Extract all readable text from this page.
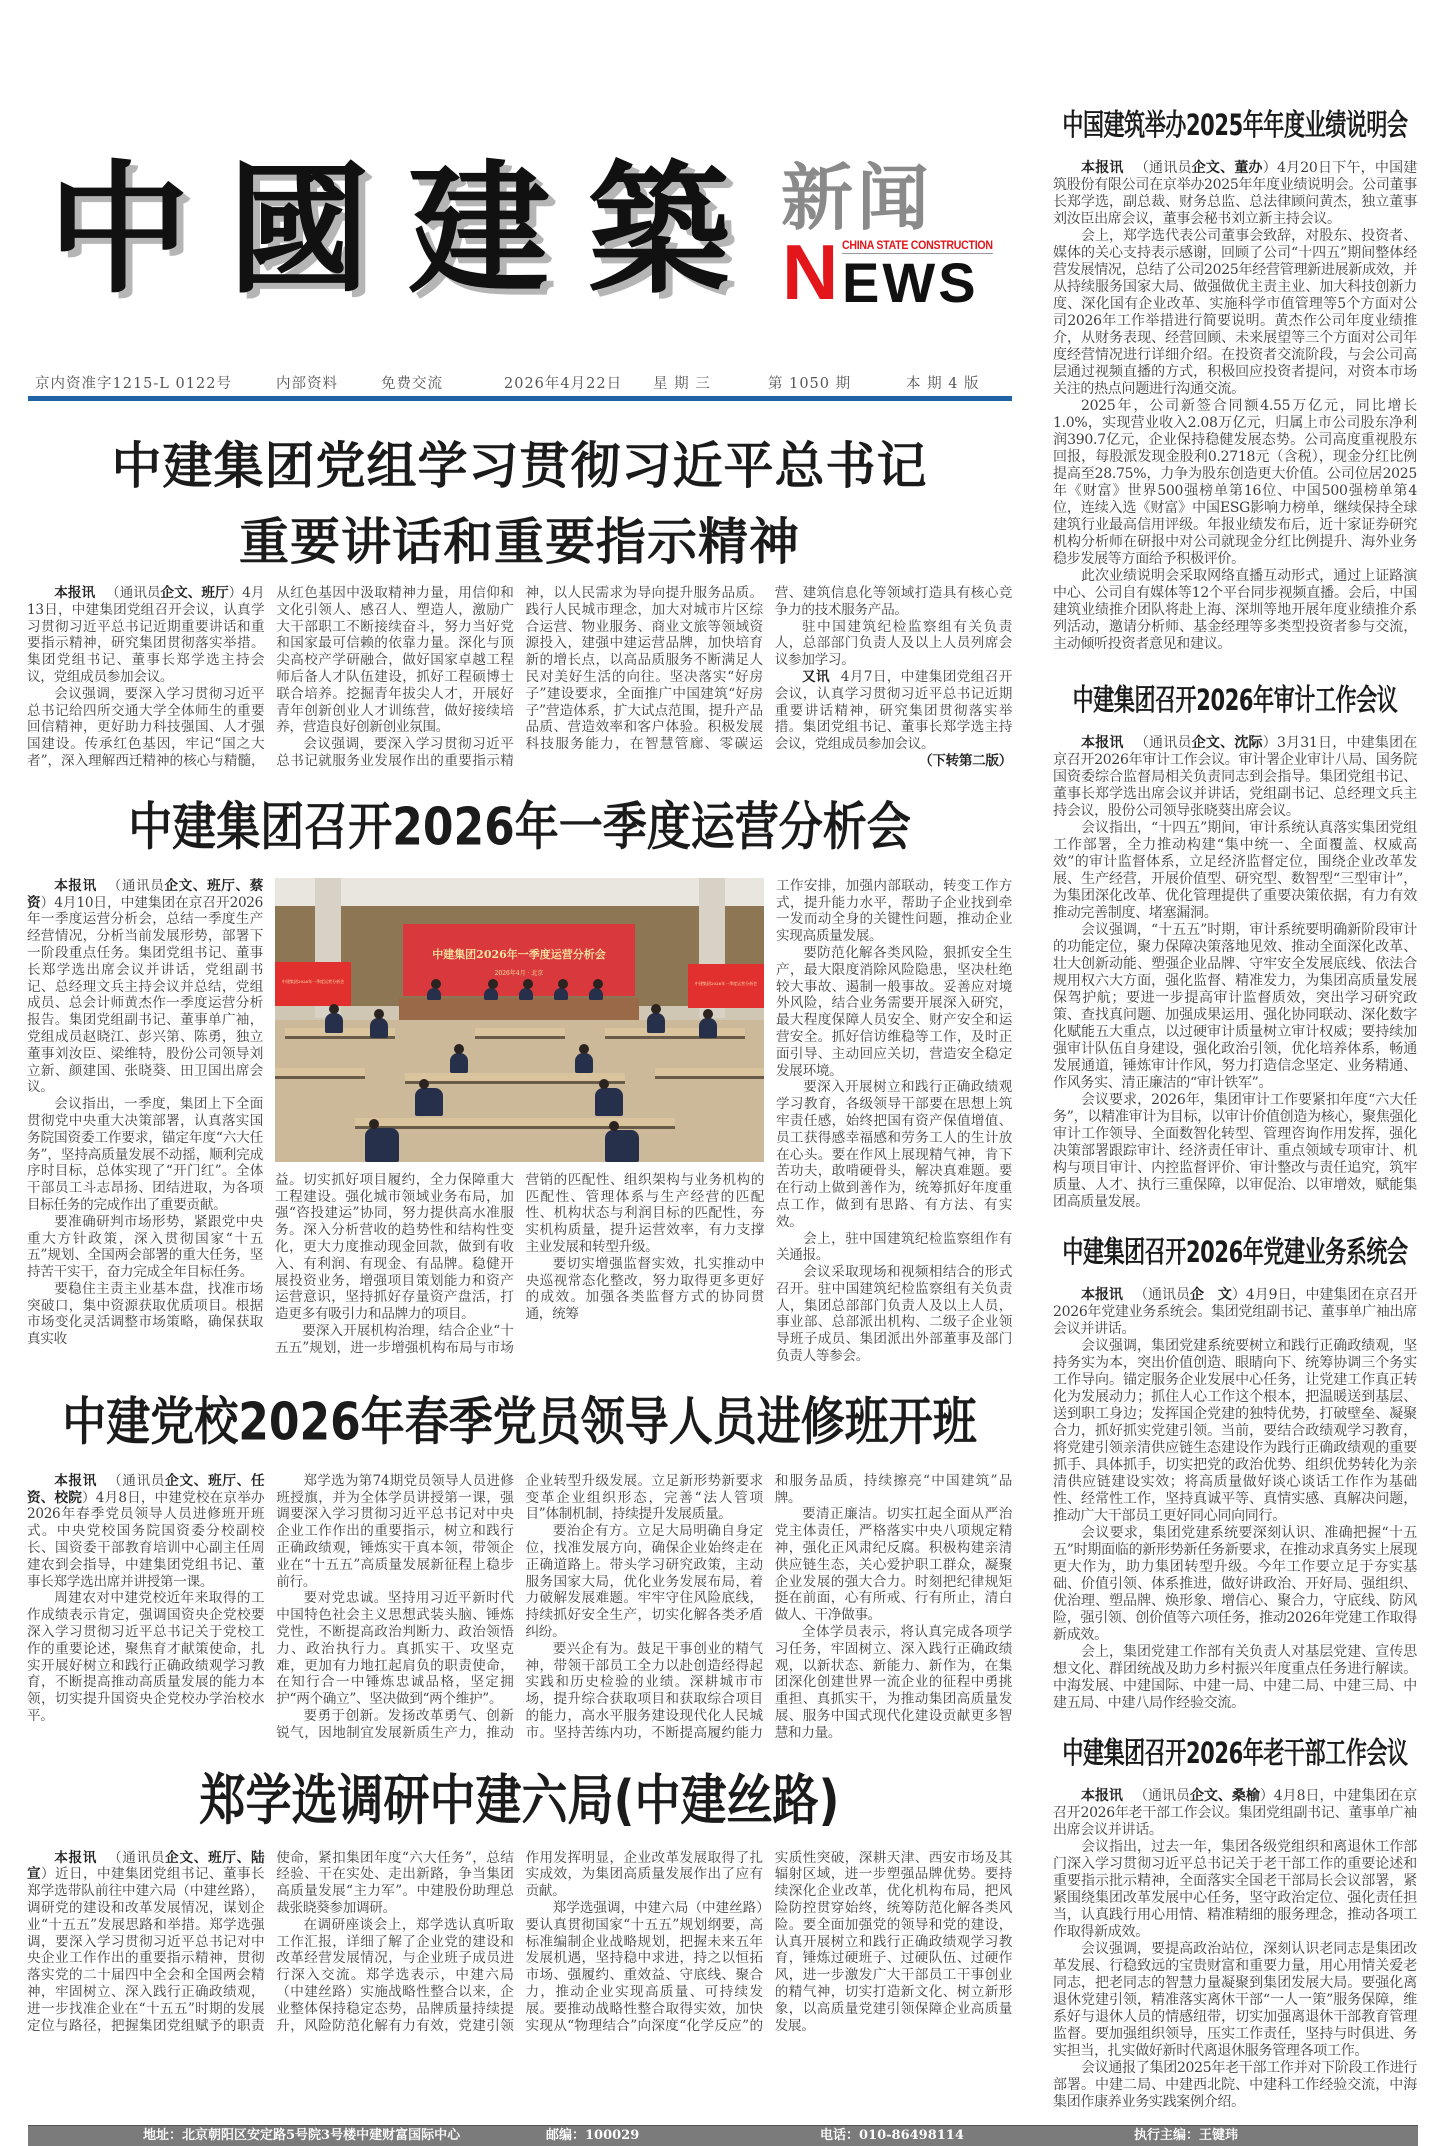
中國建築 新闻
N CHINA STATE CONSTRUCTION
EWS
京内资准字1215-L 0122号	内部资料	免费交流	2026年4月22日 星 期 三	第 1050 期	本 期 4 版
中建集团党组学习贯彻习近平总书记
重要讲话和重要指示精神

本报讯 （通讯员企文、班厅）4月13日，中建集团党组召开会议，认真学习贯彻习近平总书记近期重要讲话和重要指示精神，研究集团贯彻落实举措。集团党组书记、董事长郑学选主持会议，党组成员参加会议。

会议强调，要深入学习贯彻习近平总书记给四所交通大学全体师生的重要回信精神，更好助力科技强国、人才强国建设。传承红色基因，牢记“国之大者”，深入理解西迁精神的核心与精髓，从红色基因中汲取精神力量，用信仰和文化引领人、感召人、塑造人，激励广大干部职工不断接续奋斗，努力当好党和国家最可信赖的依靠力量。深化与顶尖高校产学研融合，做好国家卓越工程师后备人才队伍建设，抓好工程硕博士联合培养。挖掘青年拔尖人才，开展好青年创新创业人才训练营，做好接续培养，营造良好创新创业氛围。

会议强调，要深入学习贯彻习近平总书记就服务业发展作出的重要指示精神，以人民需求为导向提升服务品质。践行人民城市理念，加大对城市片区综合运营、物业服务、商业文旅等领域资源投入，建强中建运营品牌，加快培育新的增长点，以高品质服务不断满足人民对美好生活的向往。坚决落实“好房子”建设要求，全面推广中国建筑“好房子”营造体系，扩大试点范围，提升产品品质、营造效率和客户体验。积极发展科技服务能力，在智慧管廊、零碳运营、建筑信息化等领域打造具有核心竞争力的技术服务产品。

驻中国建筑纪检监察组有关负责人，总部部门负责人及以上人员列席会议参加学习。

又讯 4月7日，中建集团党组召开会议，认真学习贯彻习近平总书记近期重要讲话精神，研究集团贯彻落实举措。集团党组书记、董事长郑学选主持会议，党组成员参加会议。
（下转第二版）

中建集团召开2026年一季度运营分析会

本报讯 （通讯员企文、班厅、蔡资）4月10日，中建集团在京召开2026年一季度运营分析会，总结一季度生产经营情况，分析当前发展形势，部署下一阶段重点任务。集团党组书记、董事长郑学选出席会议并讲话，党组副书记、总经理文兵主持会议并总结，党组成员、总会计师黄杰作一季度运营分析报告。集团党组副书记、董事单广袖，党组成员赵晓江、彭兴第、陈勇，独立董事刘汝臣、梁维特，股份公司领导刘立新、颜建国、张晓葵、田卫国出席会议。

会议指出，一季度，集团上下全面贯彻党中央重大决策部署，认真落实国务院国资委工作要求，锚定年度“六大任务”，坚持高质量发展不动摇，顺利完成序时目标，总体实现了“开门红”。全体干部员工斗志昂扬、团结进取，为各项目标任务的完成作出了重要贡献。

要准确研判市场形势，紧跟党中央重大方针政策，深入贯彻国家“十五五”规划、全国两会部署的重大任务，坚持苦干实干，奋力完成全年目标任务。

要稳住主责主业基本盘，找准市场突破口，集中资源获取优质项目。根据市场变化灵活调整市场策略，确保获取真实收

中建集团2026年一季度运营分析会
2026年4月 · 北京
中建集团2026年一季度运营分析会	中建集团2026年一季度运营分析会

益。切实抓好项目履约，全力保障重大工程建设。强化城市领域业务布局，加强“咨投建运”协同，努力提供高水准服务。深入分析营收的趋势性和结构性变化，更大力度推动现金回款，做到有收入、有利润、有现金、有品牌。稳健开展投资业务，增强项目策划能力和资产运营意识，坚持抓好存量资产盘活，打造更多有吸引力和品牌力的项目。

要深入开展机构治理，结合企业“十五五”规划，进一步增强机构布局与市场营销的匹配性、组织架构与业务机构的匹配性、管理体系与生产经营的匹配性、机构状态与利润目标的匹配性，夯实机构质量，提升运营效率，有力支撑主业发展和转型升级。

要切实增强监督实效，扎实推动中央巡视常态化整改，努力取得更多更好的成效。加强各类监督方式的协同贯通，统筹

工作安排，加强内部联动，转变工作方式，提升能力水平，帮助子企业找到牵一发而动全身的关键性问题，推动企业实现高质量发展。

要防范化解各类风险，狠抓安全生产，最大限度消除风险隐患，坚决杜绝较大事故、遏制一般事故。妥善应对境外风险，结合业务需要开展深入研究，最大程度保障人员安全、财产安全和运营安全。抓好信访维稳等工作，及时正面引导、主动回应关切，营造安全稳定发展环境。

要深入开展树立和践行正确政绩观学习教育，各级领导干部要在思想上筑牢责任感，始终把国有资产保值增值、员工获得感幸福感和劳务工人的生计放在心头。要在作风上展现精气神，肯下苦功夫，敢啃硬骨头，解决真难题。要在行动上做到善作为，统筹抓好年度重点工作，做到有思路、有方法、有实效。

会上，驻中国建筑纪检监察组作有关通报。

会议采取现场和视频相结合的形式召开。驻中国建筑纪检监察组有关负责人，集团总部部门负责人及以上人员，事业部、总部派出机构、二级子企业领导班子成员、集团派出外部董事及部门负责人等参会。

中建党校2026年春季党员领导人员进修班开班

本报讯 （通讯员企文、班厅、任资、校院）4月8日，中建党校在京举办2026年春季党员领导人员进修班开班式。中央党校国务院国资委分校副校长、国资委干部教育培训中心副主任周建农到会指导，中建集团党组书记、董事长郑学选出席并讲授第一课。

周建农对中建党校近年来取得的工作成绩表示肯定，强调国资央企党校要深入学习贯彻习近平总书记关于党校工作的重要论述，聚焦育才献策使命，扎实开展好树立和践行正确政绩观学习教育，不断提高推动高质量发展的能力本领，切实提升国资央企党校办学治校水平。

郑学选为第74期党员领导人员进修班授旗，并为全体学员讲授第一课，强调要深入学习贯彻习近平总书记对中央企业工作作出的重要指示，树立和践行正确政绩观，锤炼实干真本领，带领企业在“十五五”高质量发展新征程上稳步前行。

要对党忠诚。坚持用习近平新时代中国特色社会主义思想武装头脑、锤炼党性，不断提高政治判断力、政治领悟力、政治执行力。真抓实干、攻坚克难，更加有力地扛起肩负的职责使命，在知行合一中锤炼忠诚品格，坚定拥护“两个确立”、坚决做到“两个维护”。

要勇于创新。发扬改革勇气、创新锐气，因地制宜发展新质生产力，推动企业转型升级发展。立足新形势新要求变革企业组织形态，完善“法人管项目”体制机制，持续提升发展质量。

要治企有方。立足大局明确自身定位，找准发展方向，确保企业始终走在正确道路上。带头学习研究政策，主动服务国家大局，优化业务发展布局，着力破解发展难题。牢牢守住风险底线，持续抓好安全生产，切实化解各类矛盾纠纷。

要兴企有为。鼓足干事创业的精气神，带领干部员工全力以赴创造经得起实践和历史检验的业绩。深耕城市市场，提升综合获取项目和获取综合项目的能力，高水平服务建设现代化人民城市。坚持苦练内功，不断提高履约能力和服务品质，持续擦亮“中国建筑”品牌。

要清正廉洁。切实扛起全面从严治党主体责任，严格落实中央八项规定精神，强化正风肃纪反腐。积极构建亲清供应链生态，关心爱护职工群众，凝聚企业发展的强大合力。时刻把纪律规矩挺在前面，心有所戒、行有所止，清白做人、干净做事。

全体学员表示，将认真完成各项学习任务，牢固树立、深入践行正确政绩观，以新状态、新能力、新作为，在集团深化创建世界一流企业的征程中勇挑重担、真抓实干，为推动集团高质量发展、服务中国式现代化建设贡献更多智慧和力量。

郑学选调研中建六局(中建丝路)

本报讯 （通讯员企文、班厅、陆宣）近日，中建集团党组书记、董事长郑学选带队前往中建六局（中建丝路），调研党的建设和改革发展情况，谋划企业“十五五”发展思路和举措。郑学选强调，要深入学习贯彻习近平总书记对中央企业工作作出的重要指示精神，贯彻落实党的二十届四中全会和全国两会精神，牢固树立、深入践行正确政绩观，进一步找准企业在“十五五”时期的发展定位与路径，把握集团党组赋予的职责使命，紧扣集团年度“六大任务”，总结经验、干在实处、走出新路，争当集团高质量发展“主力军”。中建股份助理总裁张晓葵参加调研。

在调研座谈会上，郑学选认真听取工作汇报，详细了解了企业党的建设和改革经营发展情况，与企业班子成员进行深入交流。郑学选表示，中建六局（中建丝路）实施战略性整合以来，企业整体保持稳定态势，品牌质量持续提升，风险防范化解有力有效，党建引领作用发挥明显，企业改革发展取得了扎实成效，为集团高质量发展作出了应有贡献。

郑学选强调，中建六局（中建丝路）要认真贯彻国家“十五五”规划纲要，高标准编制企业战略规划，把握未来五年发展机遇，坚持稳中求进，持之以恒拓市场、强履约、重效益、守底线、聚合力，推动企业实现高质量、可持续发展。要推动战略性整合取得实效，加快实现从“物理结合”向深度“化学反应”的实质性突破，深耕天津、西安市场及其辐射区域，进一步塑强品牌优势。要持续深化企业改革，优化机构布局，把风险防控贯穿始终，统筹防范化解各类风险。要全面加强党的领导和党的建设，认真开展树立和践行正确政绩观学习教育，锤炼过硬班子、过硬队伍、过硬作风，进一步激发广大干部员工干事创业的精气神，切实打造新文化、树立新形象，以高质量党建引领保障企业高质量发展。

中国建筑举办2025年年度业绩说明会

本报讯 （通讯员企文、董办）4月20日下午，中国建筑股份有限公司在京举办2025年年度业绩说明会。公司董事长郑学选，副总裁、财务总监、总法律顾问黄杰，独立董事刘汝臣出席会议，董事会秘书刘立新主持会议。

会上，郑学选代表公司董事会致辞，对股东、投资者、媒体的关心支持表示感谢，回顾了公司“十四五”期间整体经营发展情况，总结了公司2025年经营管理新进展新成效，并从持续服务国家大局、做强做优主责主业、加大科技创新力度、深化国有企业改革、实施科学市值管理等5个方面对公司2026年工作举措进行简要说明。黄杰作公司年度业绩推介，从财务表现、经营回顾、未来展望等三个方面对公司年度经营情况进行详细介绍。在投资者交流阶段，与会公司高层通过视频直播的方式，积极回应投资者提问，对资本市场关注的热点问题进行沟通交流。

2025年，公司新签合同额4.55万亿元，同比增长1.0%，实现营业收入2.08万亿元，归属上市公司股东净利润390.7亿元，企业保持稳健发展态势。公司高度重视股东回报，每股派发现金股利0.2718元（含税），现金分红比例提高至28.75%，力争为股东创造更大价值。公司位居2025年《财富》世界500强榜单第16位、中国500强榜单第4位，连续入选《财富》中国ESG影响力榜单，继续保持全球建筑行业最高信用评级。年报业绩发布后，近十家证券研究机构分析师在研报中对公司就现金分红比例提升、海外业务稳步发展等方面给予积极评价。

此次业绩说明会采取网络直播互动形式，通过上证路演中心、公司自有媒体等12个平台同步视频直播。会后，中国建筑业绩推介团队将赴上海、深圳等地开展年度业绩推介系列活动，邀请分析师、基金经理等多类型投资者参与交流，主动倾听投资者意见和建议。

中建集团召开2026年审计工作会议

本报讯 （通讯员企文、沈际）3月31日，中建集团在京召开2026年审计工作会议。审计署企业审计八局、国务院国资委综合监督局相关负责同志到会指导。集团党组书记、董事长郑学选出席会议并讲话，党组副书记、总经理文兵主持会议，股份公司领导张晓葵出席会议。

会议指出，“十四五”期间，审计系统认真落实集团党组工作部署，全力推动构建“集中统一、全面覆盖、权威高效”的审计监督体系，立足经济监督定位，围绕企业改革发展、生产经营，开展价值型、研究型、数智型“三型审计”，为集团深化改革、优化管理提供了重要决策依据，有力有效推动完善制度、堵塞漏洞。

会议强调，“十五五”时期，审计系统要明确新阶段审计的功能定位，聚力保障决策落地见效、推动全面深化改革、壮大创新动能、塑强企业品牌、守牢安全发展底线、依法合规用权六大方面，强化监督、精准发力，为集团高质量发展保驾护航；要进一步提高审计监督质效，突出学习研究政策、查找真问题、加强成果运用、强化协同联动、深化数字化赋能五大重点，以过硬审计质量树立审计权威；要持续加强审计队伍自身建设，强化政治引领，优化培养体系，畅通发展通道，锤炼审计作风，努力打造信念坚定、业务精通、作风务实、清正廉洁的“审计铁军”。

会议要求，2026年，集团审计工作要紧扣年度“六大任务”，以精准审计为目标，以审计价值创造为核心，聚焦强化审计工作领导、全面数智化转型、管理咨询作用发挥，强化决策部署跟踪审计、经济责任审计、重点领域专项审计、机构与项目审计、内控监督评价、审计整改与责任追究，筑牢质量、人才、执行三重保障，以审促治、以审增效，赋能集团高质量发展。

中建集团召开2026年党建业务系统会

本报讯 （通讯员企　文）4月9日，中建集团在京召开2026年党建业务系统会。集团党组副书记、董事单广袖出席会议并讲话。

会议强调，集团党建系统要树立和践行正确政绩观，坚持务实为本，突出价值创造、眼睛向下、统筹协调三个务实工作导向。锚定服务企业发展中心任务，让党建工作真正转化为发展动力；抓住人心工作这个根本，把温暖送到基层、送到职工身边；发挥国企党建的独特优势，打破壁垒、凝聚合力，抓好抓实党建引领。当前，要结合政绩观学习教育，将党建引领亲清供应链生态建设作为践行正确政绩观的重要抓手、具体抓手，切实把党的政治优势、组织优势转化为亲清供应链建设实效；将高质量做好谈心谈话工作作为基础性、经常性工作，坚持真诚平等、真情实感、真解决问题，推动广大干部员工更好同心同向同行。

会议要求，集团党建系统要深刻认识、准确把握“十五五”时期面临的新形势新任务新要求，在推动求真务实上展现更大作为，助力集团转型升级。今年工作要立足于夯实基础、价值引领、体系推进，做好讲政治、开好局、强组织、优治理、塑品牌、焕形象、增信心、聚合力，守底线、防风险，强引领、创价值等六项任务，推动2026年党建工作取得新成效。

会上，集团党建工作部有关负责人对基层党建、宣传思想文化、群团统战及助力乡村振兴年度重点任务进行解读。中海发展、中建国际、中建一局、中建二局、中建三局、中建五局、中建八局作经验交流。

中建集团召开2026年老干部工作会议

本报讯 （通讯员企文、桑榆）4月8日，中建集团在京召开2026年老干部工作会议。集团党组副书记、董事单广袖出席会议并讲话。

会议指出，过去一年，集团各级党组织和离退休工作部门深入学习贯彻习近平总书记关于老干部工作的重要论述和重要指示批示精神，全面落实全国老干部局长会议部署，紧紧围绕集团改革发展中心任务，坚守政治定位、强化责任担当，认真践行用心用情、精准精细的服务理念，推动各项工作取得新成效。

会议强调，要提高政治站位，深刻认识老同志是集团改革发展、行稳致远的宝贵财富和重要力量，用心用情关爱老同志，把老同志的智慧力量凝聚到集团发展大局。要强化离退休党建引领，精准落实离休干部“一人一策”服务保障，维系好与退休人员的情感纽带，切实加强离退休干部教育管理监督。要加强组织领导，压实工作责任，坚持与时俱进、务实担当，扎实做好新时代离退休服务管理各项工作。

会议通报了集团2025年老干部工作并对下阶段工作进行部署。中建二局、中建西北院、中建科工作经验交流，中海集团作康养业务实践案例介绍。

地址：北京朝阳区安定路5号院3号楼中建财富国际中心	邮编：100029	电话：010-86498114	执行主编：王键玮
